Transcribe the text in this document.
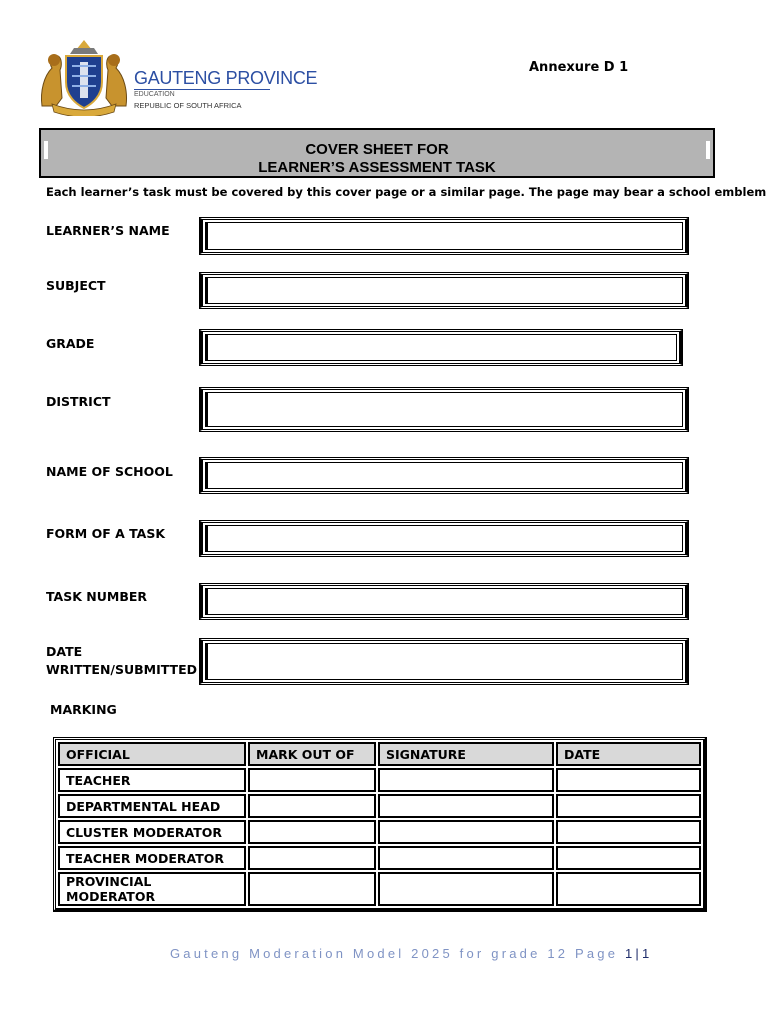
GAUTENG PROVINCE
EDUCATION
REPUBLIC OF SOUTH AFRICA
Annexure D 1
COVER SHEET FOR
LEARNER’S ASSESSMENT TASK
Each learner’s task must be covered by this cover page or a similar page. The page may bear a school emblem
LEARNER’S NAME
SUBJECT
GRADE
DISTRICT
NAME OF SCHOOL
FORM OF A TASK
TASK NUMBER
DATE
WRITTEN/SUBMITTED
MARKING
OFFICIAL	MARK OUT OF	SIGNATURE	DATE
TEACHER			
DEPARTMENTAL HEAD			
CLUSTER MODERATOR			
TEACHER MODERATOR			
PROVINCIAL MODERATOR			
Gauteng Moderation Model 2025 for grade 12 Page 1|1
